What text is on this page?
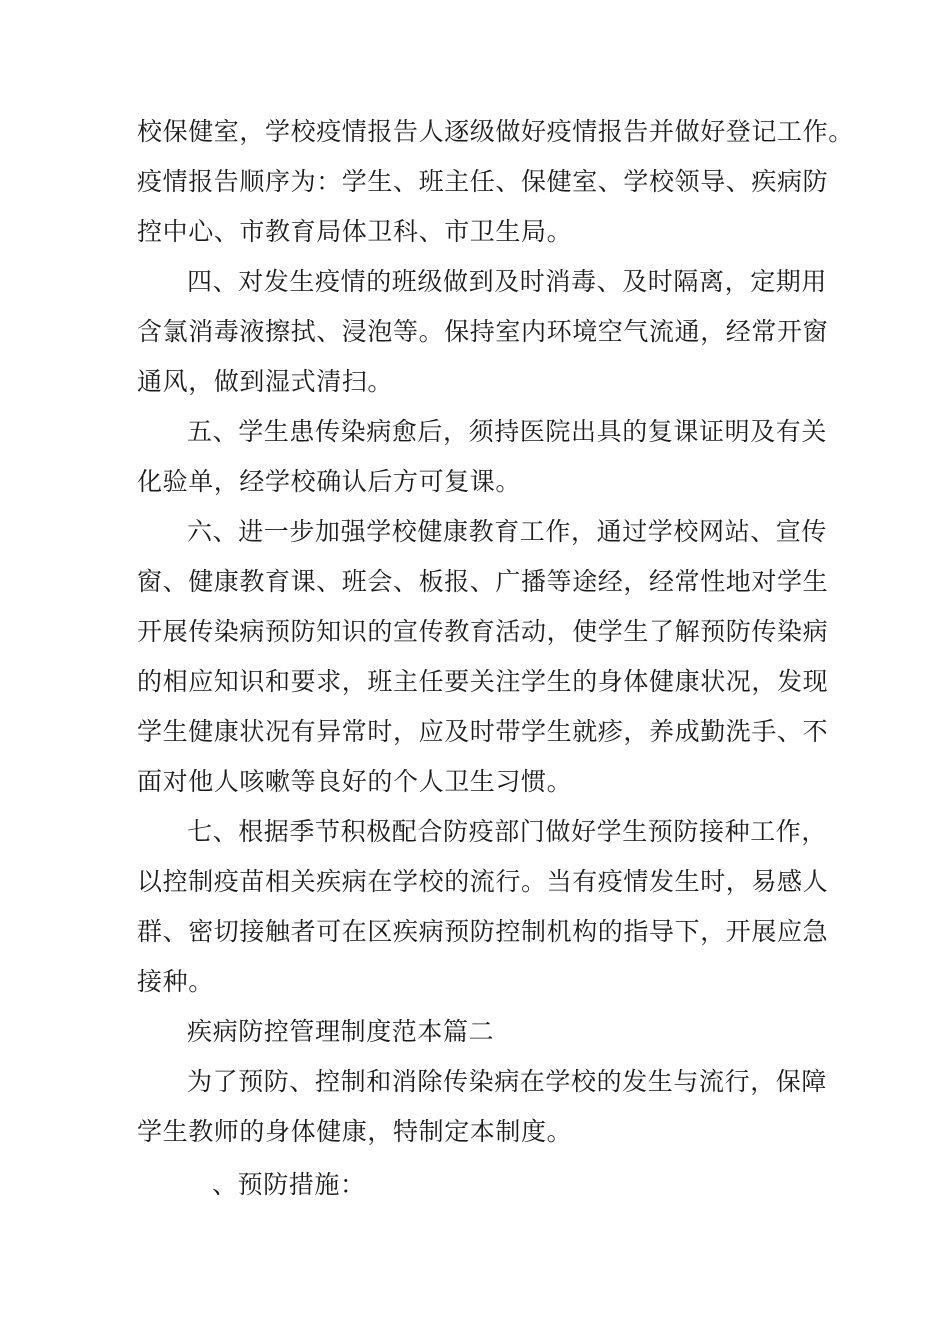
校保健室，学校疫情报告人逐级做好疫情报告并做好登记工作。
疫情报告顺序为：学生、班主任、保健室、学校领导、疾病防
控中心、市教育局体卫科、市卫生局。
四、对发生疫情的班级做到及时消毒、及时隔离，定期用
含氯消毒液擦拭、浸泡等。保持室内环境空气流通，经常开窗
通风，做到湿式清扫。
五、学生患传染病愈后，须持医院出具的复课证明及有关
化验单，经学校确认后方可复课。
六、进一步加强学校健康教育工作，通过学校网站、宣传
窗、健康教育课、班会、板报、广播等途经，经常性地对学生
开展传染病预防知识的宣传教育活动，使学生了解预防传染病
的相应知识和要求，班主任要关注学生的身体健康状况，发现
学生健康状况有异常时，应及时带学生就疹，养成勤洗手、不
面对他人咳嗽等良好的个人卫生习惯。
七、根据季节积极配合防疫部门做好学生预防接种工作，
以控制疫苗相关疾病在学校的流行。当有疫情发生时，易感人
群、密切接触者可在区疾病预防控制机构的指导下，开展应急
接种。
疾病防控管理制度范本篇二
为了预防、控制和消除传染病在学校的发生与流行，保障
学生教师的身体健康，特制定本制度。
、预防措施：
